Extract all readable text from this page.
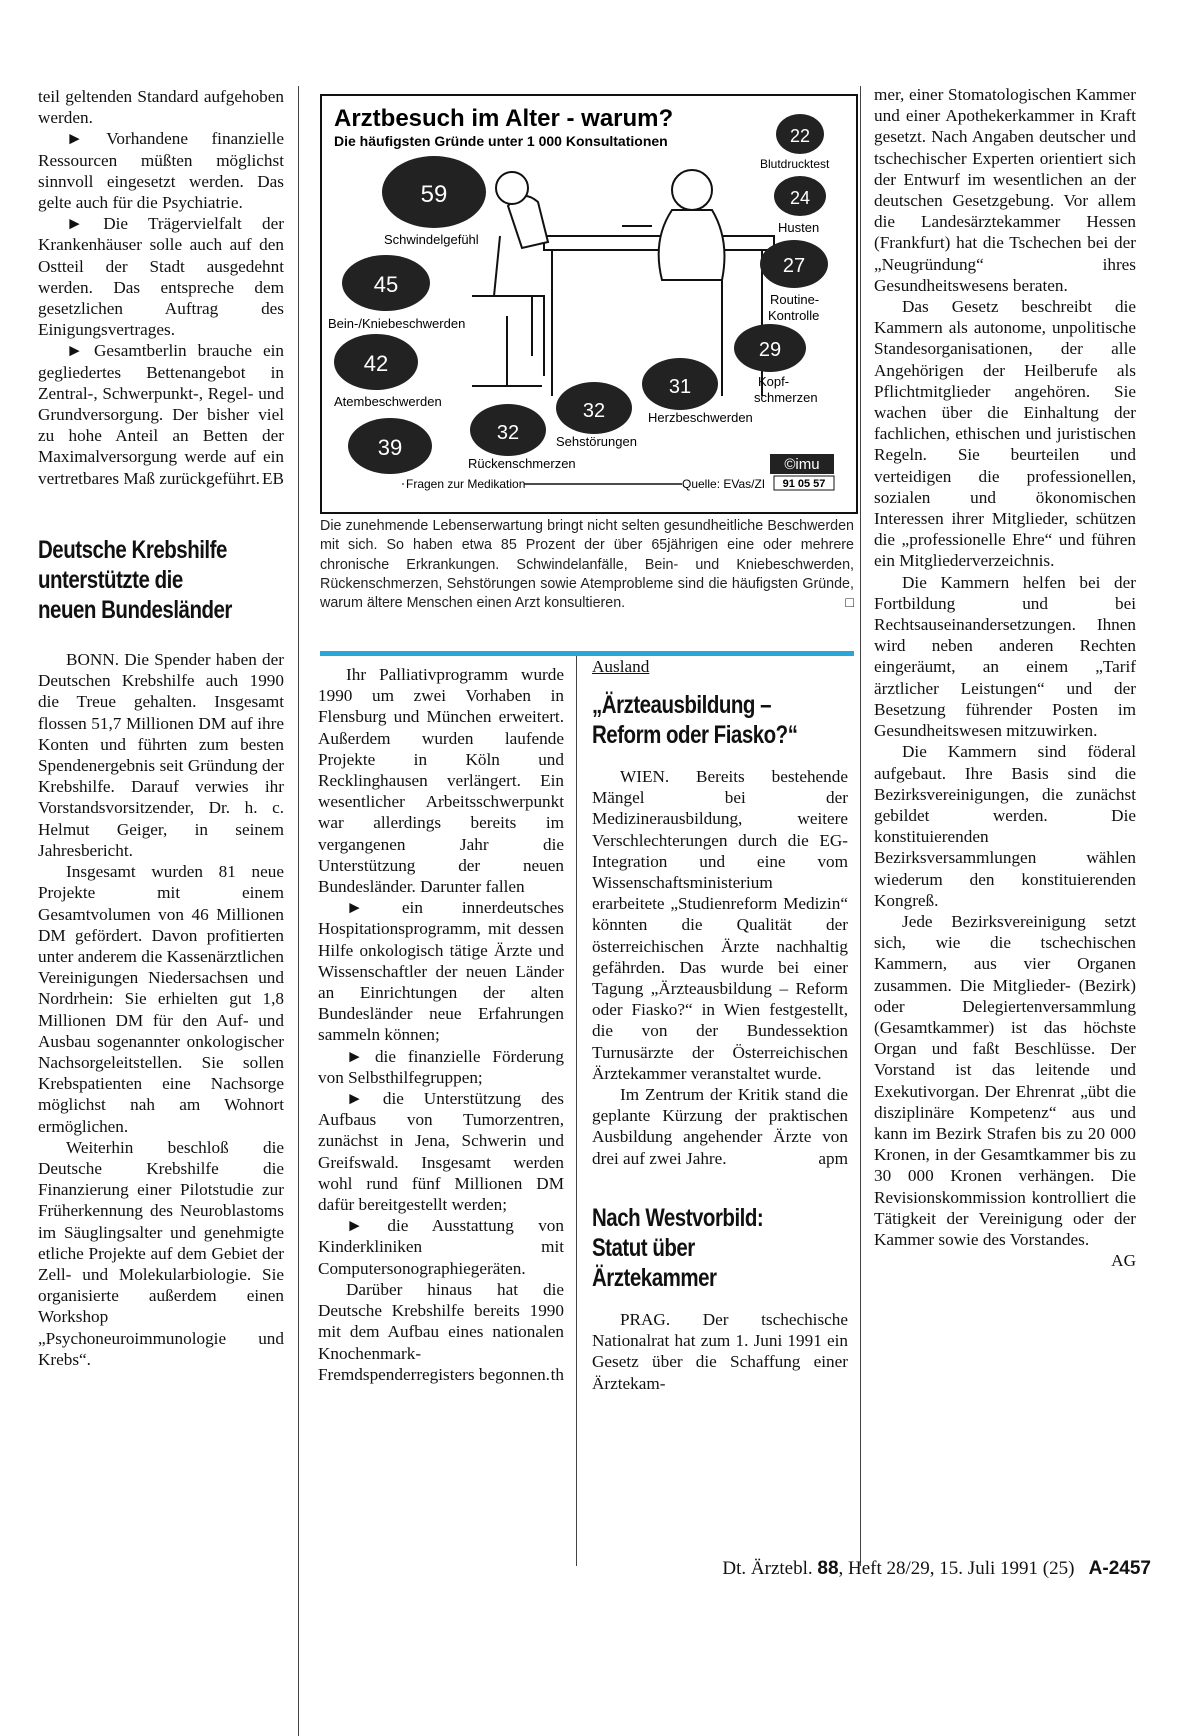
teil geltenden Standard aufgehoben werden.

► Vorhandene finanzielle Ressourcen müßten möglichst sinnvoll eingesetzt werden. Das gelte auch für die Psychiatrie.

► Die Trägervielfalt der Krankenhäuser solle auch auf den Ostteil der Stadt ausgedehnt werden. Das entspreche dem gesetzlichen Auftrag des Einigungsvertrages.

► Gesamtberlin brauche ein gegliedertes Bettenangebot in Zentral-, Schwerpunkt-, Regel- und Grundversorgung. Der bisher viel zu hohe Anteil an Betten der Maximalversorgung werde auf ein vertretbares Maß zurückgeführt. EB

Deutsche Krebshilfe
unterstützte die
neuen Bundesländer

BONN. Die Spender haben der Deutschen Krebshilfe auch 1990 die Treue gehalten. Insgesamt flossen 51,7 Millionen DM auf ihre Konten und führten zum besten Spendenergebnis seit Gründung der Krebshilfe. Darauf verwies ihr Vorstandsvorsitzender, Dr. h. c. Helmut Geiger, in seinem Jahresbericht.

Insgesamt wurden 81 neue Projekte mit einem Gesamtvolumen von 46 Millionen DM gefördert. Davon profitierten unter anderem die Kassenärztlichen Vereinigungen Niedersachsen und Nordrhein: Sie erhielten gut 1,8 Millionen DM für den Auf- und Ausbau sogenannter onkologischer Nachsorgeleitstellen. Sie sollen Krebspatienten eine Nachsorge möglichst nah am Wohnort ermöglichen.

Weiterhin beschloß die Deutsche Krebshilfe die Finanzierung einer Pilotstudie zur Früherkennung des Neuroblastoms im Säuglingsalter und genehmigte etliche Projekte auf dem Gebiet der Zell- und Molekularbiologie. Sie organisierte außerdem einen Workshop „Psychoneuroimmunologie und Krebs“.

Arztbesuch im Alter - warum?
Die häufigsten Gründe unter 1 000 Konsultationen
59
Schwindelgefühl
45
Bein-/Kniebeschwerden
42
Atembeschwerden
39
Fragen zur Medikation
32
Rückenschmerzen
32
Sehstörungen
31
Herzbeschwerden
29
Kopf-
schmerzen
27
Routine-
Kontrolle
24
Husten
22
Blutdrucktest
Quelle: EVas/ZI
©imu
91 05 57
Die zunehmende Lebenserwartung bringt nicht selten gesundheitliche Beschwerden mit sich. So haben etwa 85 Prozent der über 65jährigen eine oder mehrere chronische Erkrankungen. Schwindelanfälle, Bein- und Kniebeschwerden, Rückenschmerzen, Sehstörungen sowie Atemprobleme sind die häufigsten Gründe, warum ältere Menschen einen Arzt konsultieren.	□

Ihr Palliativprogramm wurde 1990 um zwei Vorhaben in Flensburg und München erweitert. Außerdem wurden laufende Projekte in Köln und Recklinghausen verlängert. Ein wesentlicher Arbeitsschwerpunkt war allerdings bereits im vergangenen Jahr die Unterstützung der neuen Bundesländer. Darunter fallen

► ein innerdeutsches Hospitationsprogramm, mit dessen Hilfe onkologisch tätige Ärzte und Wissenschaftler der neuen Länder an Einrichtungen der alten Bundesländer neue Erfahrungen sammeln können;

► die finanzielle Förderung von Selbsthilfegruppen;

► die Unterstützung des Aufbaus von Tumorzentren, zunächst in Jena, Schwerin und Greifswald. Insgesamt werden wohl rund fünf Millionen DM dafür bereitgestellt werden;

► die Ausstattung von Kinderkliniken mit Computersonographiegeräten.

Darüber hinaus hat die Deutsche Krebshilfe bereits 1990 mit dem Aufbau eines nationalen Knochenmark-Fremdspenderregisters begonnen. th

Ausland
„Ärzteausbildung –
Reform oder Fiasko?“

WIEN. Bereits bestehende Mängel bei der Medizinerausbildung, weitere Verschlechterungen durch die EG-Integration und eine vom Wissenschaftsministerium erarbeitete „Studienreform Medizin“ könnten die Qualität der österreichischen Ärzte nachhaltig gefährden. Das wurde bei einer Tagung „Ärzteausbildung – Reform oder Fiasko?“ in Wien festgestellt, die von der Bundessektion Turnusärzte der Österreichischen Ärztekammer veranstaltet wurde.

Im Zentrum der Kritik stand die geplante Kürzung der praktischen Ausbildung angehender Ärzte von drei auf zwei Jahre.	apm

Nach Westvorbild:
Statut über
Ärztekammer

PRAG. Der tschechische Nationalrat hat zum 1. Juni 1991 ein Gesetz über die Schaffung einer Ärztekam-

mer, einer Stomatologischen Kammer und einer Apothekerkammer in Kraft gesetzt. Nach Angaben deutscher und tschechischer Experten orientiert sich der Entwurf im wesentlichen an der deutschen Gesetzgebung. Vor allem die Landesärztekammer Hessen (Frankfurt) hat die Tschechen bei der „Neugründung“ ihres Gesundheitswesens beraten.

Das Gesetz beschreibt die Kammern als autonome, unpolitische Standesorganisationen, der alle Angehörigen der Heilberufe als Pflichtmitglieder angehören. Sie wachen über die Einhaltung der fachlichen, ethischen und juristischen Regeln. Sie beurteilen und verteidigen die professionellen, sozialen und ökonomischen Interessen ihrer Mitglieder, schützen die „professionelle Ehre“ und führen ein Mitgliederverzeichnis.

Die Kammern helfen bei der Fortbildung und bei Rechtsauseinandersetzungen. Ihnen wird neben anderen Rechten eingeräumt, an einem „Tarif ärztlicher Leistungen“ und der Besetzung führender Posten im Gesundheitswesen mitzuwirken.

Die Kammern sind föderal aufgebaut. Ihre Basis sind die Bezirksvereinigungen, die zunächst gebildet werden. Die konstituierenden Bezirksversammlungen wählen wiederum den konstituierenden Kongreß.

Jede Bezirksvereinigung setzt sich, wie die tschechischen Kammern, aus vier Organen zusammen. Die Mitglieder- (Bezirk) oder Delegiertenversammlung (Gesamtkammer) ist das höchste Organ und faßt Beschlüsse. Der Vorstand ist das leitende und Exekutivorgan. Der Ehrenrat „übt die disziplinäre Kompetenz“ aus und kann im Bezirk Strafen bis zu 20 000 Kronen, in der Gesamtkammer bis zu 30 000 Kronen verhängen. Die Revisionskommission kontrolliert die Tätigkeit der Vereinigung oder der Kammer sowie des Vorstandes.

AG

Dt. Ärztebl. 88, Heft 28/29, 15. Juli 1991 (25) A-2457
